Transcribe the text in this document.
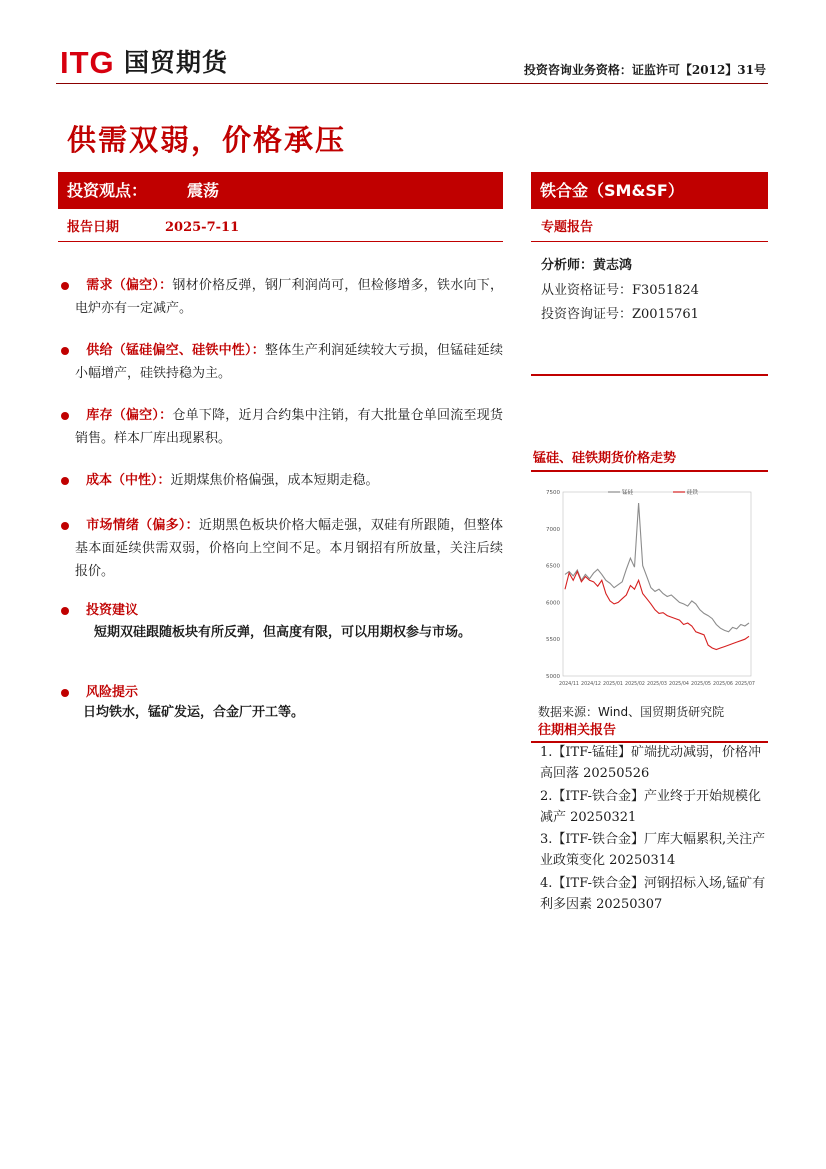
ITG 国贸期货	投资咨询业务资格：证监许可【2012】31号
供需双弱，价格承压
投资观点： 震荡
报告日期	2025-7-11
铁合金（SM&SF）
专题报告
分析师：黄志鸿
从业资格证号：F3051824
投资咨询证号：Z0015761
需求（偏空）：钢材价格反弹，钢厂利润尚可，但检修增多，铁水向下，电炉亦有一定减产。
供给（锰硅偏空、硅铁中性）：整体生产利润延续较大亏损，但锰硅延续小幅增产，硅铁持稳为主。
库存（偏空）：仓单下降，近月合约集中注销，有大批量仓单回流至现货销售。样本厂库出现累积。
成本（中性）：近期煤焦价格偏强，成本短期走稳。
市场情绪（偏多）：近期黑色板块价格大幅走强，双硅有所跟随，但整体基本面延续供需双弱，价格向上空间不足。本月钢招有所放量，关注后续报价。
投资建议
短期双硅跟随板块有所反弹，但高度有限，可以用期权参与市场。
风险提示
日均铁水，锰矿发运，合金厂开工等。
锰硅、硅铁期货价格走势
7500
7000
6500
6000
5500
5000
2024/11 2024/12 2025/01 2025/02 2025/03 2025/04 2025/05 2025/06 2025/07
锰硅	硅铁
数据来源：Wind、国贸期货研究院
往期相关报告
1.【ITF-锰硅】矿端扰动减弱，价格冲高回落 20250526
2.【ITF-铁合金】产业终于开始规模化减产 20250321
3.【ITF-铁合金】厂库大幅累积,关注产业政策变化 20250314
4.【ITF-铁合金】河钢招标入场,锰矿有利多因素 20250307
